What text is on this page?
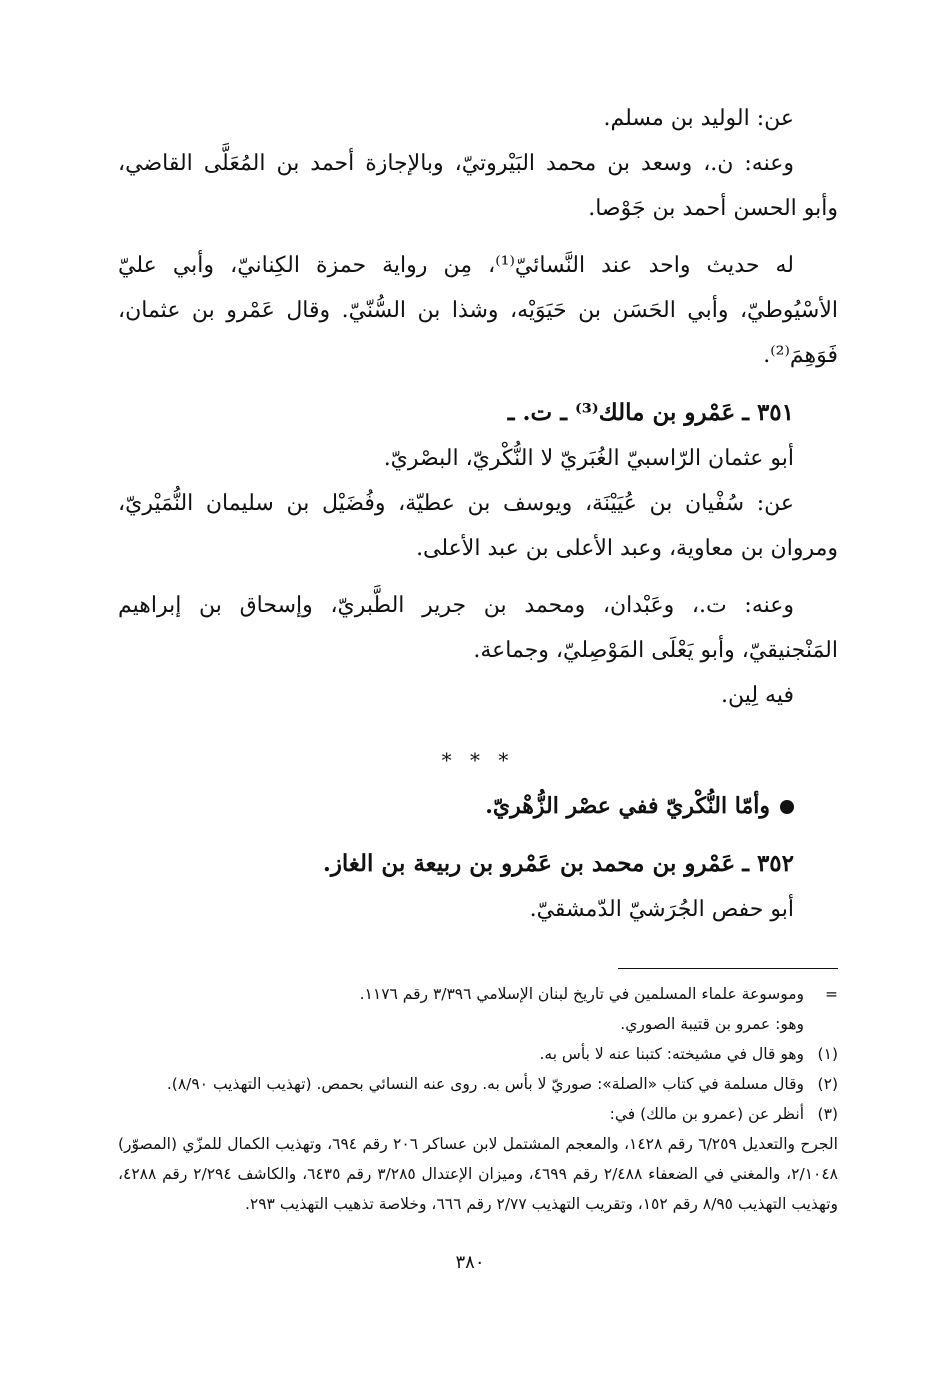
عن: الوليد بن مسلم.

وعنه: ن.، وسعد بن محمد البَيْروتيّ، وبالإجازة أحمد بن المُعَلَّى القاضي، وأبو الحسن أحمد بن جَوْصا.

له حديث واحد عند النَّسائيّ⁽¹⁾، مِن رواية حمزة الكِنانيّ، وأبي عليّ الأسْيُوطيّ، وأبي الحَسَن بن حَيَوَيْه، وشذا بن السُّنّيّ. وقال عَمْرو بن عثمان، فَوَهِمَ⁽²⁾.

٣٥١ ـ عَمْرو بن مالك⁽³⁾ ـ ت. ـ

أبو عثمان الرّاسبيّ الغُبَريّ لا النُّكْريّ، البصْريّ.

عن: سُفْيان بن عُيَيْنَة، ويوسف بن عطيّة، وفُضَيْل بن سليمان النُّمَيْريّ، ومروان بن معاوية، وعبد الأعلى بن عبد الأعلى.

وعنه: ت.، وعَبْدان، ومحمد بن جرير الطَّبريّ، وإسحاق بن إبراهيم المَنْجنيقيّ، وأبو يَعْلَى المَوْصِليّ، وجماعة.

فيه لِين.

* * *

وأمّا النُّكْريّ ففي عصْر الزُّهْريّ.

٣٥٢ ـ عَمْرو بن محمد بن عَمْرو بن ربيعة بن الغاز.

أبو حفص الجُرَشيّ الدّمشقيّ.

=
وموسوعة علماء المسلمين في تاريخ لبنان الإسلامي ٣/٣٩٦ رقم ١١٧٦.
وهو: عمرو بن قتيبة الصوري.
(١)
وهو قال في مشيخته: كتبنا عنه لا بأس به.
(٢)
وقال مسلمة في كتاب «الصلة»: صوريّ لا بأس به. روى عنه النسائي بحمص. (تهذيب التهذيب ٨/٩٠).
(٣)
أنظر عن (عمرو بن مالك) في:
الجرح والتعديل ٦/٢٥٩ رقم ١٤٢٨، والمعجم المشتمل لابن عساكر ٢٠٦ رقم ٦٩٤، وتهذيب الكمال للمزّي (المصوّر) ٢/١٠٤٨، والمغني في الضعفاء ٢/٤٨٨ رقم ٤٦٩٩، وميزان الإعتدال ٣/٢٨٥ رقم ٦٤٣٥، والكاشف ٢/٢٩٤ رقم ٤٢٨٨، وتهذيب التهذيب ٨/٩٥ رقم ١٥٢، وتقريب التهذيب ٢/٧٧ رقم ٦٦٦، وخلاصة تذهيب التهذيب ٢٩٣.
٣٨٠
